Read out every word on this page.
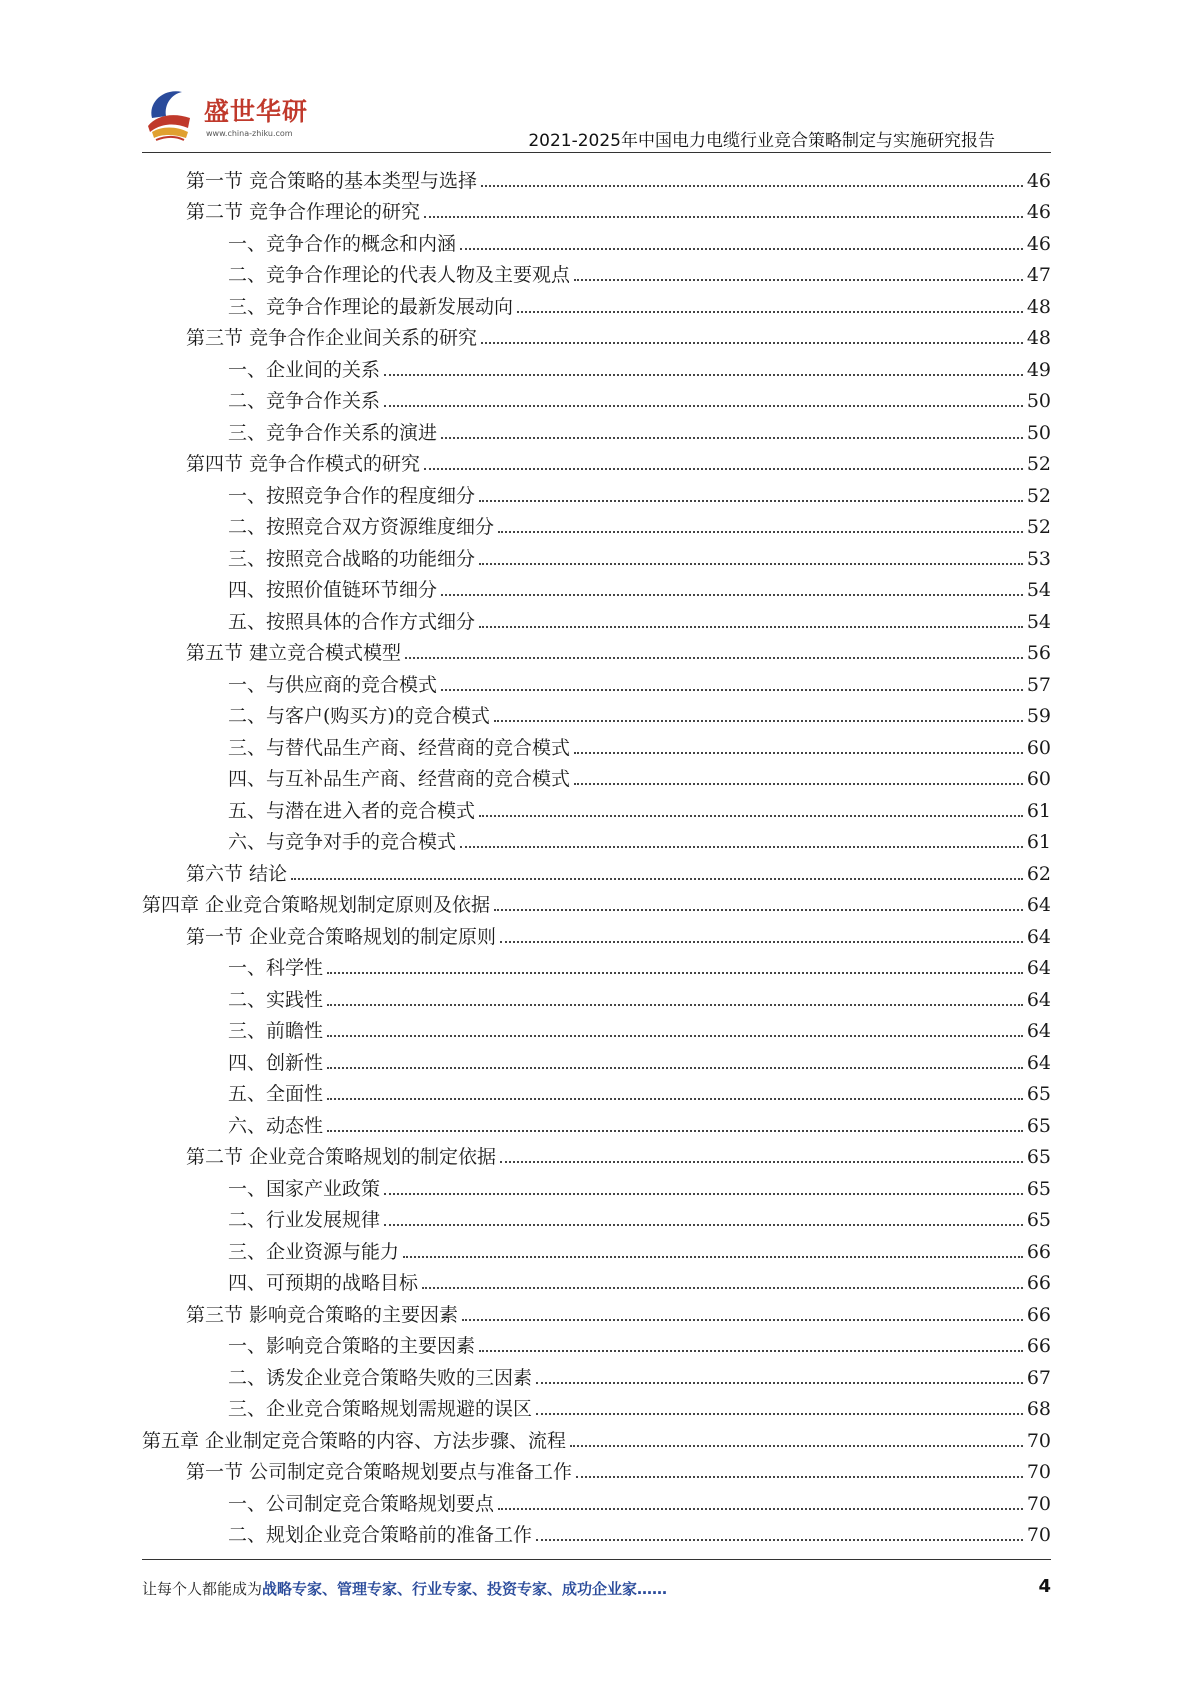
盛世华研
www.china-zhiku.com	2021-2025年中国电力电缆行业竞合策略制定与实施研究报告
第一节 竞合策略的基本类型与选择	46
第二节 竞争合作理论的研究	46
一、竞争合作的概念和内涵	46
二、竞争合作理论的代表人物及主要观点	47
三、竞争合作理论的最新发展动向	48
第三节 竞争合作企业间关系的研究	48
一、企业间的关系	49
二、竞争合作关系	50
三、竞争合作关系的演进	50
第四节 竞争合作模式的研究	52
一、按照竞争合作的程度细分	52
二、按照竞合双方资源维度细分	52
三、按照竞合战略的功能细分	53
四、按照价值链环节细分	54
五、按照具体的合作方式细分	54
第五节 建立竞合模式模型	56
一、与供应商的竞合模式	57
二、与客户(购买方)的竞合模式	59
三、与替代品生产商、经营商的竞合模式	60
四、与互补品生产商、经营商的竞合模式	60
五、与潜在进入者的竞合模式	61
六、与竞争对手的竞合模式	61
第六节 结论	62
第四章 企业竞合策略规划制定原则及依据	64
第一节 企业竞合策略规划的制定原则	64
一、科学性	64
二、实践性	64
三、前瞻性	64
四、创新性	64
五、全面性	65
六、动态性	65
第二节 企业竞合策略规划的制定依据	65
一、国家产业政策	65
二、行业发展规律	65
三、企业资源与能力	66
四、可预期的战略目标	66
第三节 影响竞合策略的主要因素	66
一、影响竞合策略的主要因素	66
二、诱发企业竞合策略失败的三因素	67
三、企业竞合策略规划需规避的误区	68
第五章 企业制定竞合策略的内容、方法步骤、流程	70
第一节 公司制定竞合策略规划要点与准备工作	70
一、公司制定竞合策略规划要点	70
二、规划企业竞合策略前的准备工作	70
让每个人都能成为战略专家、管理专家、行业专家、投资专家、成功企业家……	4
